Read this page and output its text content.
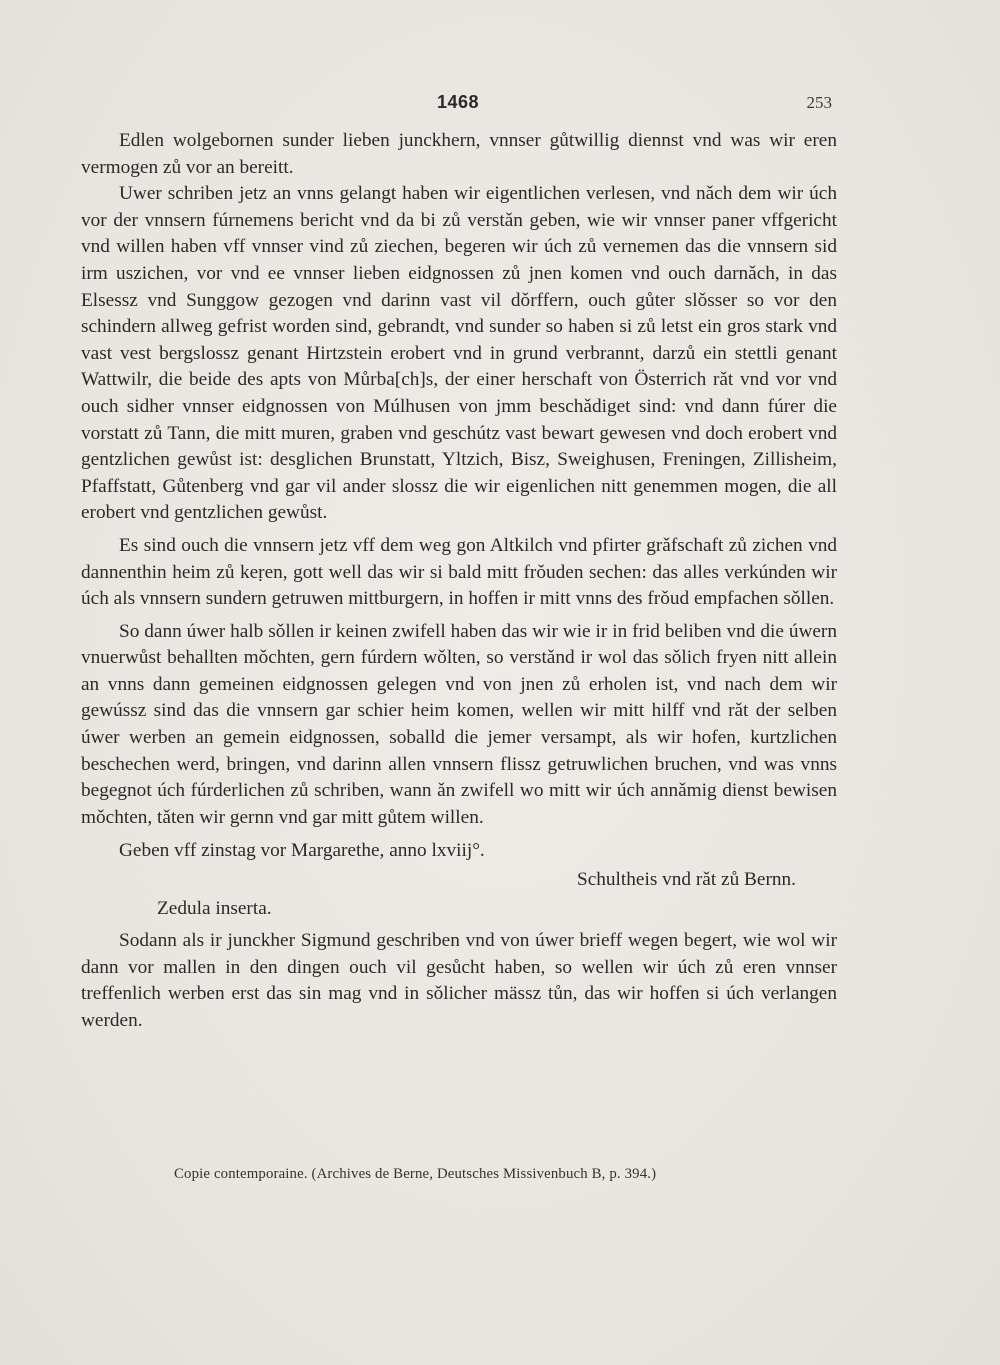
1468	253

Edlen wolgebornen sunder lieben junckhern, vnnser gůtwillig diennst vnd was wir eren vermogen zů vor an bereitt.

Uwer schriben jetz an vnns gelangt haben wir eigentlichen verlesen, vnd nǎch dem wir úch vor der vnnsern fúrnemens bericht vnd da bi zů verstǎn geben, wie wir vnnser paner vffgericht vnd willen haben vff vnnser vind zů ziechen, begeren wir úch zů vernemen das die vnnsern sid irm uszichen, vor vnd ee vnnser lieben eidgnossen zů jnen komen vnd ouch darnǎch, in das Elsessz vnd Sunggow gezogen vnd darinn vast vil dǒrffern, ouch gůter slǒsser so vor den schindern allweg gefrist worden sind, gebrandt, vnd sunder so haben si zů letst ein gros stark vnd vast vest bergslossz genant Hirtzstein erobert vnd in grund verbrannt, darzů ein stettli genant Wattwilr, die beide des apts von Můrba[ch]s, der einer herschaft von Österrich rǎt vnd vor vnd ouch sidher vnnser eidgnossen von Múlhusen von jmm beschǎdiget sind: vnd dann fúrer die vorstatt zů Tann, die mitt muren, graben vnd geschútz vast bewart gewesen vnd doch erobert vnd gentzlichen gewůst ist: desglichen Brunstatt, Yltzich, Bisz, Sweighusen, Freningen, Zillisheim, Pfaffstatt, Gůtenberg vnd gar vil ander slossz die wir eigenlichen nitt genemmen mogen, die all erobert vnd gentzlichen gewůst.

Es sind ouch die vnnsern jetz vff dem weg gon Altkilch vnd pfirter grǎfschaft zů zichen vnd dannenthin heim zů keṛen, gott well das wir si bald mitt frǒuden sechen: das alles verkúnden wir úch als vnnsern sundern getruwen mittburgern, in hoffen ir mitt vnns des frǒud empfachen sǒllen.

So dann úwer halb sǒllen ir keinen zwifell haben das wir wie ir in frid beliben vnd die úwern vnuerwůst behallten mǒchten, gern fúrdern wǒlten, so verstǎnd ir wol das sǒlich fryen nitt allein an vnns dann gemeinen eidgnossen gelegen vnd von jnen zů erholen ist, vnd nach dem wir gewússz sind das die vnnsern gar schier heim komen, wellen wir mitt hilff vnd rǎt der selben úwer werben an gemein eidgnossen, soballd die jemer versampt, als wir hofen, kurtzlichen beschechen werd, bringen, vnd darinn allen vnnsern flissz getruwlichen bruchen, vnd was vnns begegnot úch fúrderlichen zů schriben, wann ǎn zwifell wo mitt wir úch annǎmig dienst bewisen mǒchten, tǎten wir gernn vnd gar mitt gůtem willen.

Geben vff zinstag vor Margarethe, anno lxviij°.

Schultheis vnd rǎt zů Bernn.

Zedula inserta.

Sodann als ir junckher Sigmund geschriben vnd von úwer brieff wegen begert, wie wol wir dann vor mallen in den dingen ouch vil gesůcht haben, so wellen wir úch zů eren vnnser treffenlich werben erst das sin mag vnd in sǒlicher mässz tůn, das wir hoffen si úch verlangen werden.

Copie contemporaine. (Archives de Berne, Deutsches Missivenbuch B, p. 394.)
